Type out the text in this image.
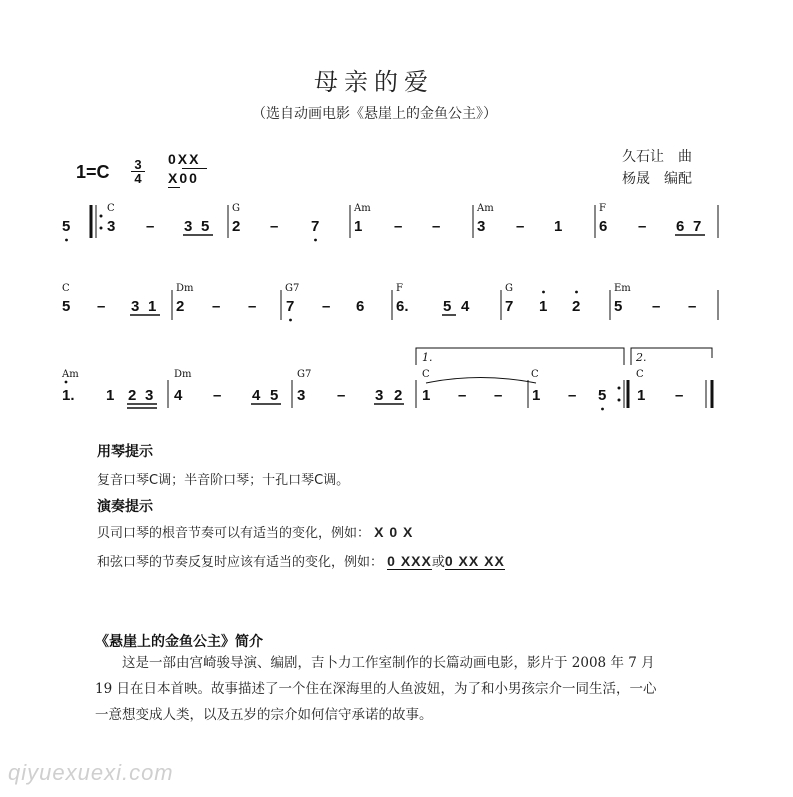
母亲的爱
（选自动画电影《悬崖上的金鱼公主》）
久石让　曲
杨晟　编配
1=C 3
4
0XX
X00
5
C	G	Am	Am	F
3 – 3 5 2 – 7 1 – – 3 – 1 6 – 6 7
C	Dm	G7	F	G	Em
5 – 3 1 2 – – 7 – 6 6. 5 4 7 1 2 5 – –
1.	2.
Am	Dm	G7	C	C	C
1. 1 2 3 4 – 4 5 3 – 3 2 1 – – 1 – 5 1 –
用琴提示
复音口琴C调；半音阶口琴；十孔口琴C调。
演奏提示
贝司口琴的根音节奏可以有适当的变化，例如： X 0 X
和弦口琴的节奏反复时应该有适当的变化，例如： 0 XXX或0 XX XX
《悬崖上的金鱼公主》简介
这是一部由宫崎骏导演、编剧，吉卜力工作室制作的长篇动画电影，影片于 2008 年 7 月
19 日在日本首映。故事描述了一个住在深海里的人鱼波妞，为了和小男孩宗介一同生活，一心
一意想变成人类，以及五岁的宗介如何信守承诺的故事。
qiyuexuexi.com
